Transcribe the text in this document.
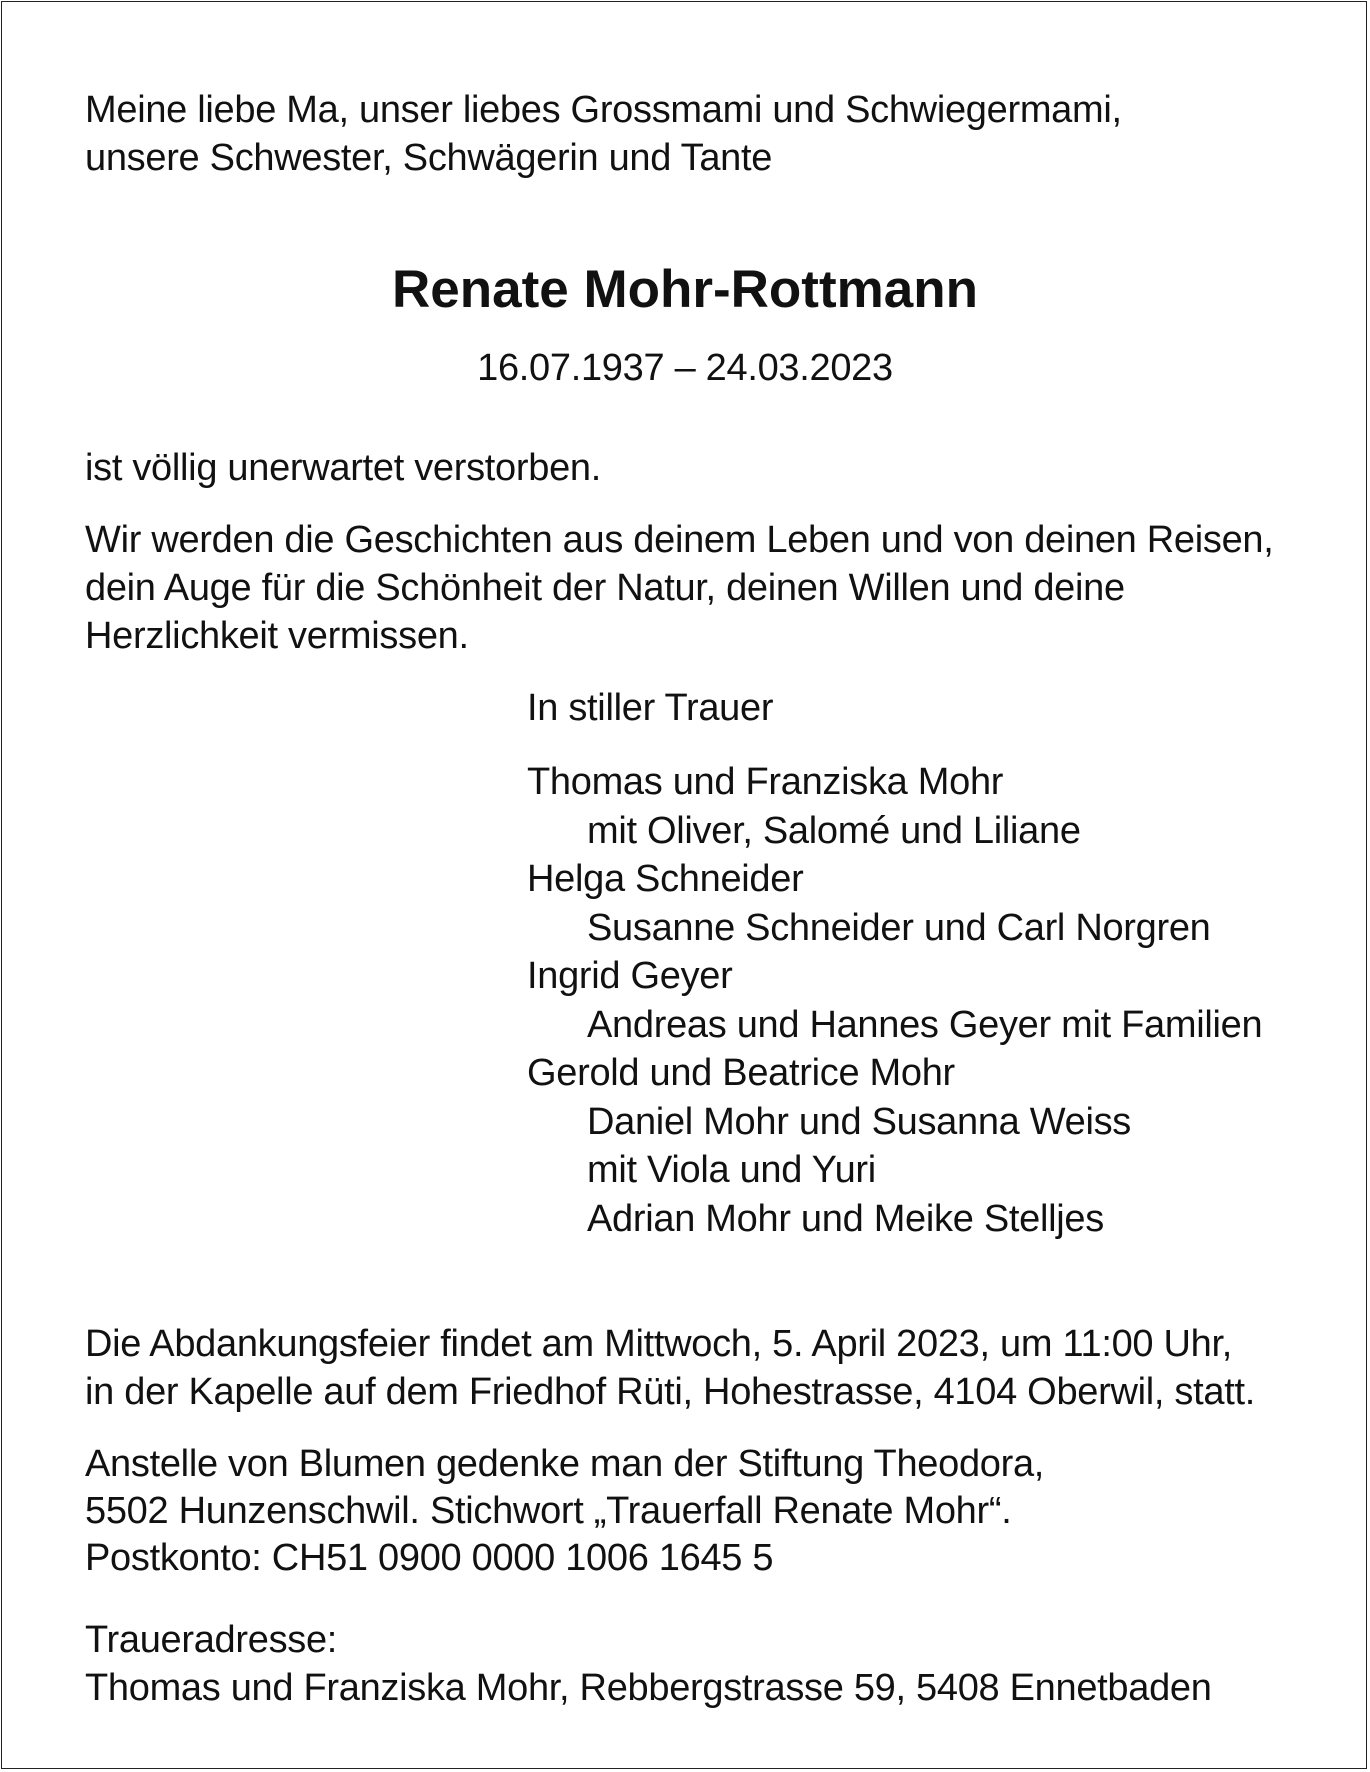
Meine liebe Ma, unser liebes Grossmami und Schwiegermami,
unsere Schwester, Schwägerin und Tante
Renate Mohr-Rottmann
16.07.1937 – 24.03.2023
ist völlig unerwartet verstorben.
Wir werden die Geschichten aus deinem Leben und von deinen Reisen,
dein Auge für die Schönheit der Natur, deinen Willen und deine
Herzlichkeit vermissen.
In stiller Trauer
Thomas und Franziska Mohr
mit Oliver, Salomé und Liliane
Helga Schneider
Susanne Schneider und Carl Norgren
Ingrid Geyer
Andreas und Hannes Geyer mit Familien
Gerold und Beatrice Mohr
Daniel Mohr und Susanna Weiss
mit Viola und Yuri
Adrian Mohr und Meike Stelljes
Die Abdankungsfeier findet am Mittwoch, 5. April 2023, um 11:00 Uhr,
in der Kapelle auf dem Friedhof Rüti, Hohestrasse, 4104 Oberwil, statt.
Anstelle von Blumen gedenke man der Stiftung Theodora,
5502 Hunzenschwil. Stichwort „Trauerfall Renate Mohr“.
Postkonto: CH51 0900 0000 1006 1645 5
Traueradresse:
Thomas und Franziska Mohr, Rebbergstrasse 59, 5408 Ennetbaden
